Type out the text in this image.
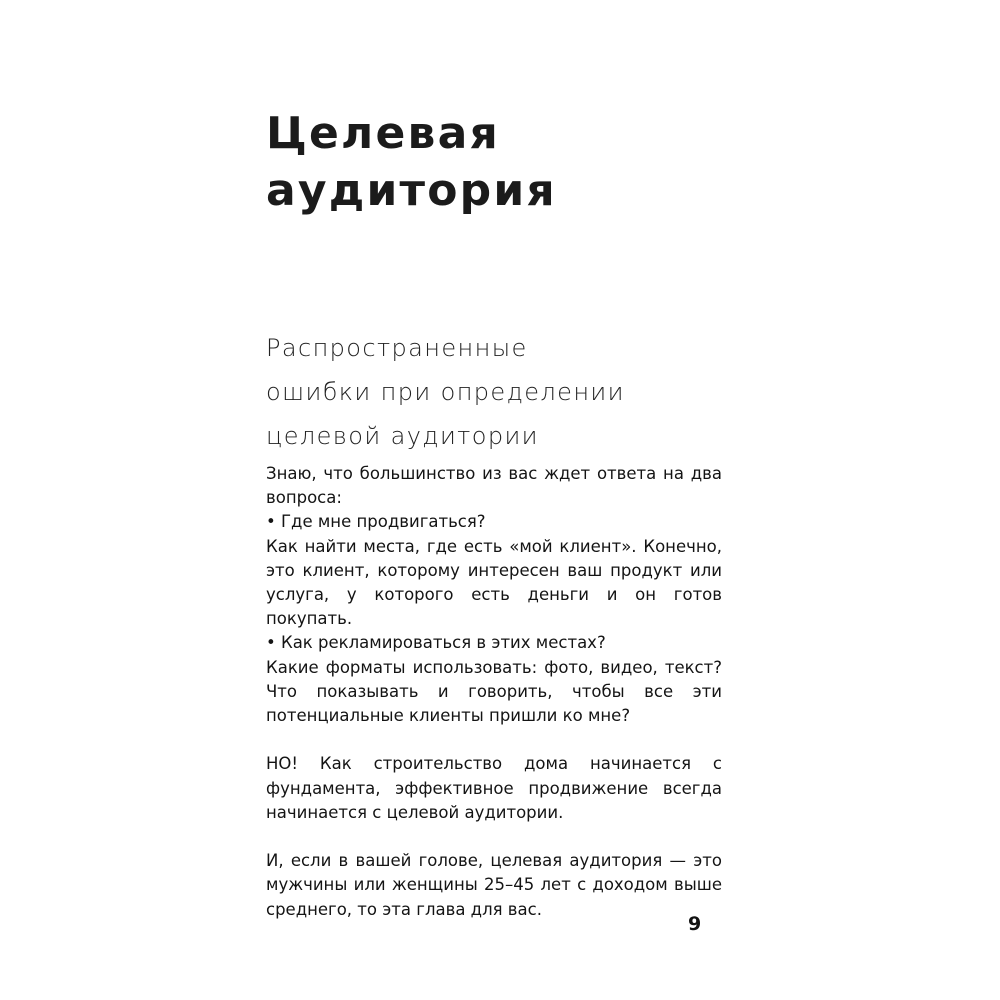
Целевая
аудитория
Распространенные
ошибки при определении
целевой аудитории

Знаю, что большинство из вас ждет ответа на два вопроса:

• Где мне продвигаться?

Как найти места, где есть «мой клиент». Конечно, это клиент, которому интересен ваш продукт или услуга, у которого есть деньги и он готов покупать.

• Как рекламироваться в этих местах?

Какие форматы использовать: фото, видео, текст? Что показывать и говорить, чтобы все эти потенциальные клиенты пришли ко мне?

НО! Как строительство дома начинается с фундамента, эффективное продвижение всегда начинается с целевой аудитории.

И, если в вашей голове, целевая аудитория — это мужчины или женщины 25–45 лет с доходом выше среднего, то эта глава для вас.

9
